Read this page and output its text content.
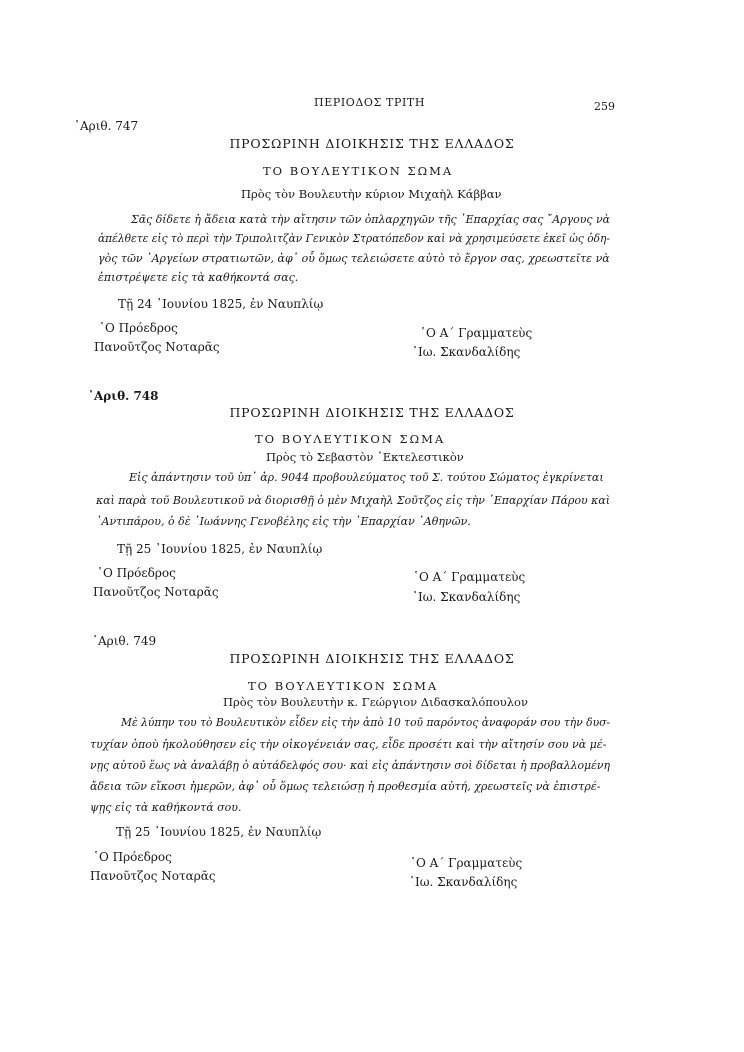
ΠΕΡΙΟΔΟΣ ΤΡΙΤΗ	259
᾿Αριθ. 747
ΠΡΟΣΩΡΙΝΗ ΔΙΟΙΚΗΣΙΣ ΤΗΣ ΕΛΛΑΔΟΣ
ΤΟ ΒΟΥΛΕΥΤΙΚΟΝ ΣΩΜΑ
Πρὸς τὸν Βουλευτὴν κύριον Μιχαὴλ Κάββαν
Σᾶς δίδετε ἡ ἄδεια κατὰ τὴν αἴτησιν τῶν ὁπλαρχηγῶν τῆς ᾿Επαρχίας σας ῎Αργους νὰ
ἀπέλθετε εἰς τὸ περὶ τὴν Τριπολιτζὰν Γενικὸν Στρατόπεδον καὶ νὰ χρησιμεύσετε ἐκεῖ ὡς ὁδη-
γὸς τῶν ᾿Αργείων στρατιωτῶν, ἀφ᾿ οὗ ὅμως τελειώσετε αὐτὸ τὸ ἔργον σας, χρεωστεῖτε νὰ
ἐπιστρέψετε εἰς τὰ καθήκοντά σας.
Τῇ 24 ᾿Ιουνίου 1825, ἐν Ναυπλίῳ
῾Ο Πρόεδρος
Πανοῦτζος Νοταρᾶς
῾Ο Α΄ Γραμματεὺς
᾿Ιω. Σκανδαλίδης
᾿Αριθ. 748
ΠΡΟΣΩΡΙΝΗ ΔΙΟΙΚΗΣΙΣ ΤΗΣ ΕΛΛΑΔΟΣ
ΤΟ ΒΟΥΛΕΥΤΙΚΟΝ ΣΩΜΑ
Πρὸς τὸ Σεβαστὸν ᾿Εκτελεστικὸν
Εἰς ἀπάντησιν τοῦ ὑπ᾿ ἀρ. 9044 προβουλεύματος τοῦ Σ. τούτου Σώματος ἐγκρίνεται
καὶ παρὰ τοῦ Βουλευτικοῦ νὰ διορισθῇ ὁ μὲν Μιχαὴλ Σοῦτζος εἰς τὴν ᾿Επαρχίαν Πάρου καὶ
᾿Αντιπάρου, ὁ δὲ ᾿Ιωάννης Γενοβέλης εἰς τὴν ᾿Επαρχίαν ᾿Αθηνῶν.
Τῇ 25 ᾿Ιουνίου 1825, ἐν Ναυπλίῳ
῾Ο Πρόεδρος
Πανοῦτζος Νοταρᾶς
῾Ο Α΄ Γραμματεὺς
᾿Ιω. Σκανδαλίδης
᾿Αριθ. 749
ΠΡΟΣΩΡΙΝΗ ΔΙΟΙΚΗΣΙΣ ΤΗΣ ΕΛΛΑΔΟΣ
ΤΟ ΒΟΥΛΕΥΤΙΚΟΝ ΣΩΜΑ
Πρὸς τὸν Βουλευτὴν κ. Γεώργιον Διδασκαλόπουλον
Μὲ λύπην του τὸ Βουλευτικὸν εἶδεν εἰς τὴν ἀπὸ 10 τοῦ παρόντος ἀναφοράν σου τὴν δυσ-
τυχίαν ὁποὺ ἠκολούθησεν εἰς τὴν οἰκογένειάν σας, εἶδε προσέτι καὶ τὴν αἴτησίν σου νὰ μέ-
νῃς αὐτοῦ ἕως νὰ ἀναλάβῃ ὁ αὐτάδελφός σου· καὶ εἰς ἀπάντησιν σοὶ δίδεται ἡ προβαλλομένη
ἄδεια τῶν εἴκοσι ἡμερῶν, ἀφ᾿ οὗ ὅμως τελειώσῃ ἡ προθεσμία αὐτή, χρεωστεῖς νὰ ἐπιστρέ-
ψῃς εἰς τὰ καθήκοντά σου.
Τῇ 25 ᾿Ιουνίου 1825, ἐν Ναυπλίῳ
῾Ο Πρόεδρος
Πανοῦτζος Νοταρᾶς
῾Ο Α΄ Γραμματεὺς
᾿Ιω. Σκανδαλίδης
